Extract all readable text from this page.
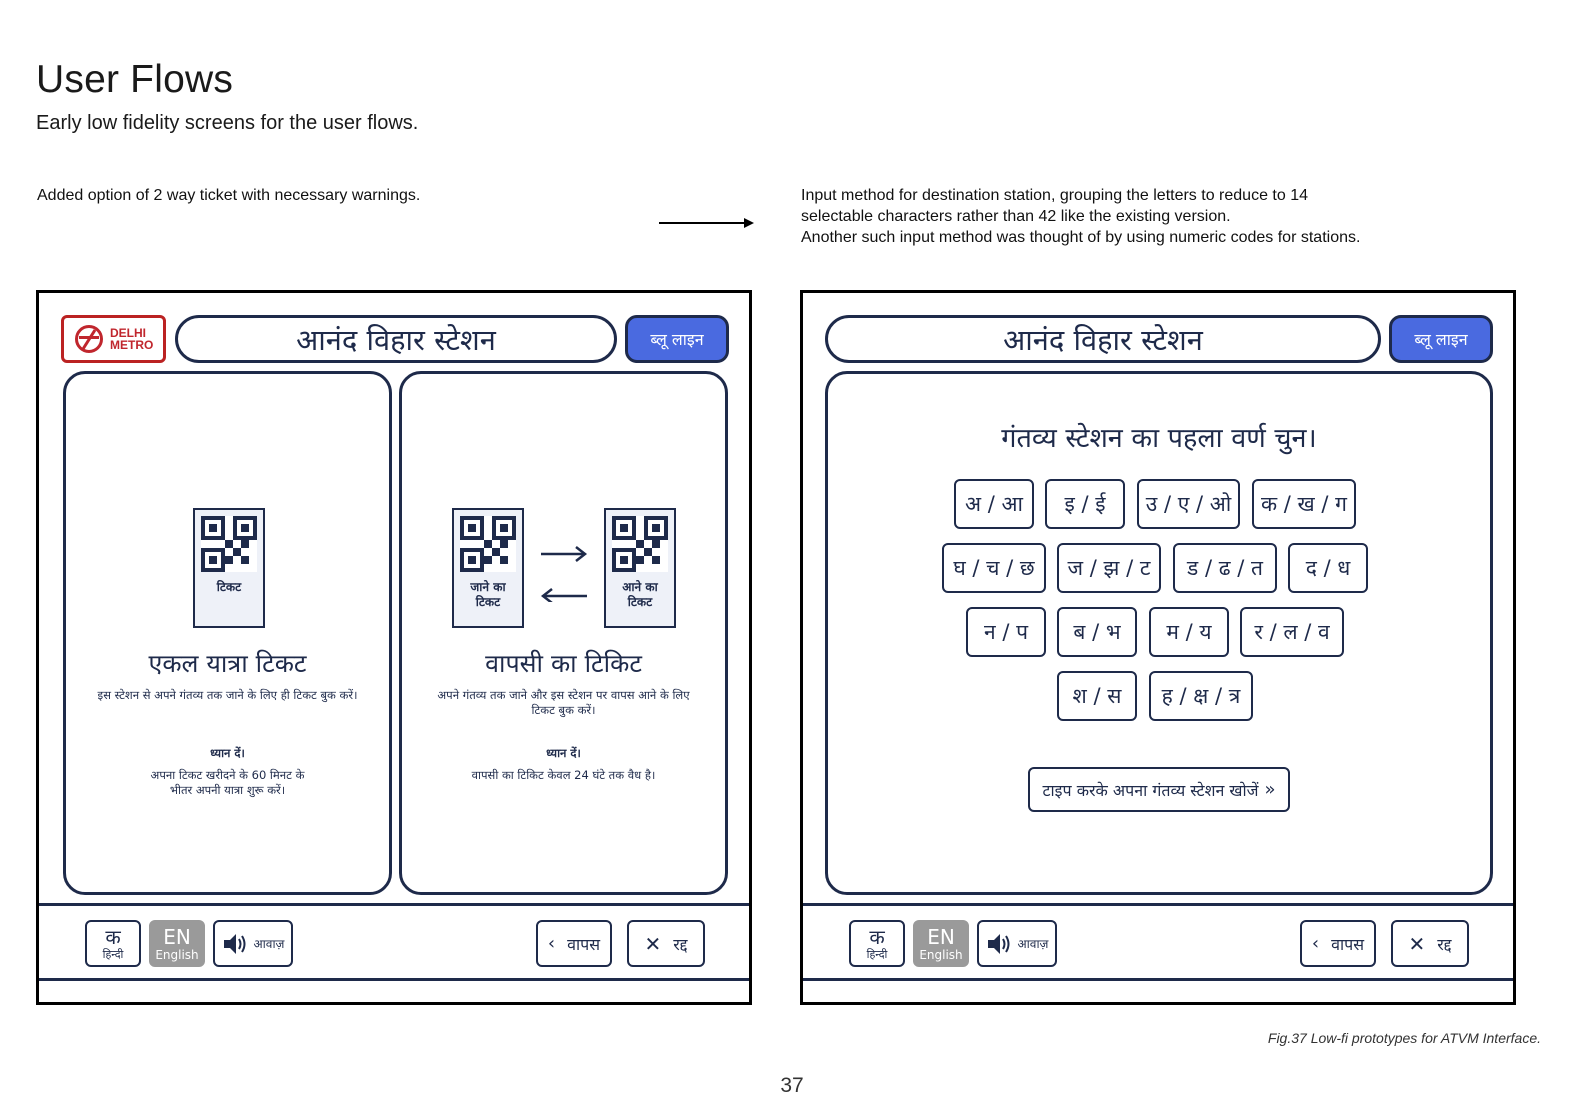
User Flows
Early low fidelity screens for the user flows.
Added option of 2 way ticket with necessary warnings.	Input method for destination station, grouping the letters to reduce to 14
selectable characters rather than 42 like the existing version.
Another such input method was thought of by using numeric codes for stations.
DELHI
METRO	आनंद विहार स्टेशन	ब्लू लाइन
टिकट
एकल यात्रा टिकट
इस स्टेशन से अपने गंतव्य तक जाने के लिए ही टिकट बुक करें।
ध्यान दें।
अपना टिकट खरीदने के 60 मिनट के
भीतर अपनी यात्रा शुरू करें।
जाने का
टिकट
आने का
टिकट
वापसी का टिकिट
अपने गंतव्य तक जाने और इस स्टेशन पर वापस आने के लिए
टिकट बुक करें।
ध्यान दें।
वापसी का टिकिट केवल 24 घंटे तक वैध है।
क
हिन्दी
EN
English
आवाज़	‹ वापस ✕ रद्द
आनंद विहार स्टेशन	ब्लू लाइन
गंतव्य स्टेशन का पहला वर्ण चुन।
अ / आ	इ / ई	उ / ए / ओ	क / ख / ग
घ / च / छ	ज / झ / ट	ड / ढ / त	द / ध
न / प	ब / भ	म / य	र / ल / व
श / स	ह / क्ष / त्र
टाइप करके अपना गंतव्य स्टेशन खोजें »
क
हिन्दी
EN
English
आवाज़	‹ वापस ✕ रद्द
Fig.37 Low-fi prototypes for ATVM Interface.
37
